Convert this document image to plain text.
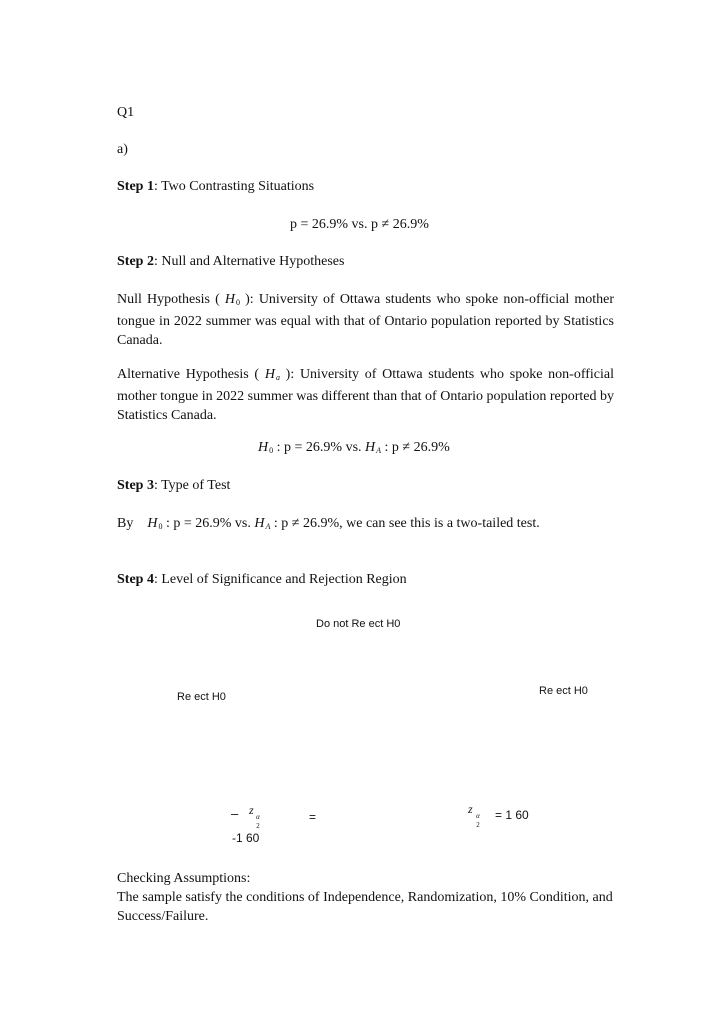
Q1
a)
Step 1: Two Contrasting Situations
p = 26.9% vs. p ≠ 26.9%
Step 2: Null and Alternative Hypotheses
Null Hypothesis ( $H_0$ ): University of Ottawa students who spoke non-official mother tongue in 2022 summer was equal with that of Ontario population reported by Statistics Canada.
Alternative Hypothesis ( Ha ): University of Ottawa students who spoke non-official mother tongue in 2022 summer was different than that of Ontario population reported by Statistics Canada.
$H_0$ : p = 26.9% vs. HA : p ≠ 26.9%
Step 3: Type of Test
By $H_0$ : p = 26.9% vs. HA : p ≠ 26.9%, we can see this is a two-tailed test.
Step 4: Level of Significance and Rejection Region
Do not Re ect H0
Re ect H0	Re ect H0
– z α
2
=
-1 60
z α
2
= 1 60
Checking Assumptions:
The sample satisfy the conditions of Independence, Randomization, 10% Condition, and Success/Failure.
